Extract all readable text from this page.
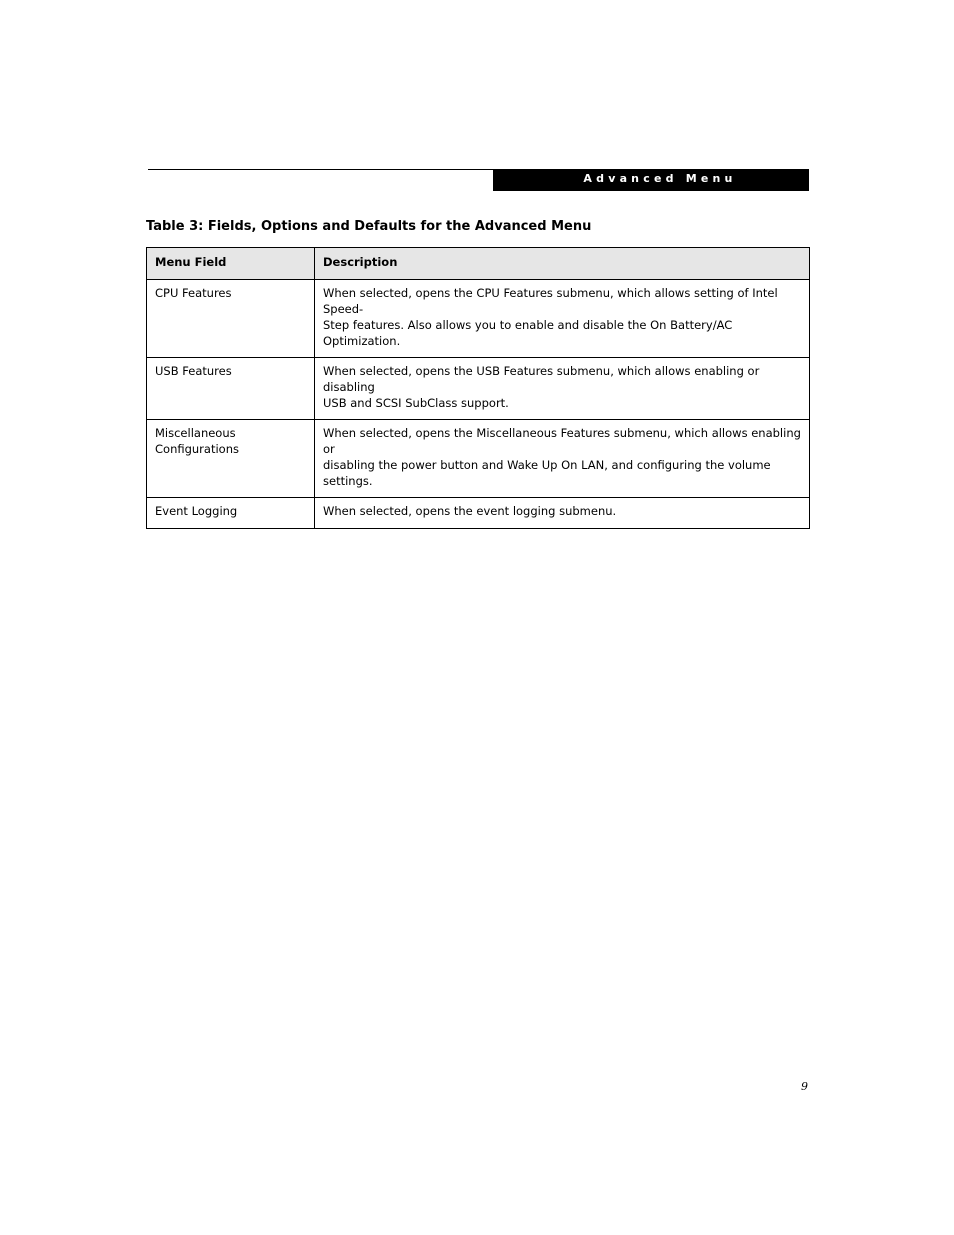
Advanced Menu
Table 3: Fields, Options and Defaults for the Advanced Menu
Menu Field	Description
CPU Features	When selected, opens the CPU Features submenu, which allows setting of Intel Speed-
Step features. Also allows you to enable and disable the On Battery/AC Optimization.
USB Features	When selected, opens the USB Features submenu, which allows enabling or disabling
USB and SCSI SubClass support.
Miscellaneous
Configurations	When selected, opens the Miscellaneous Features submenu, which allows enabling or
disabling the power button and Wake Up On LAN, and configuring the volume settings.
Event Logging	When selected, opens the event logging submenu.
9
